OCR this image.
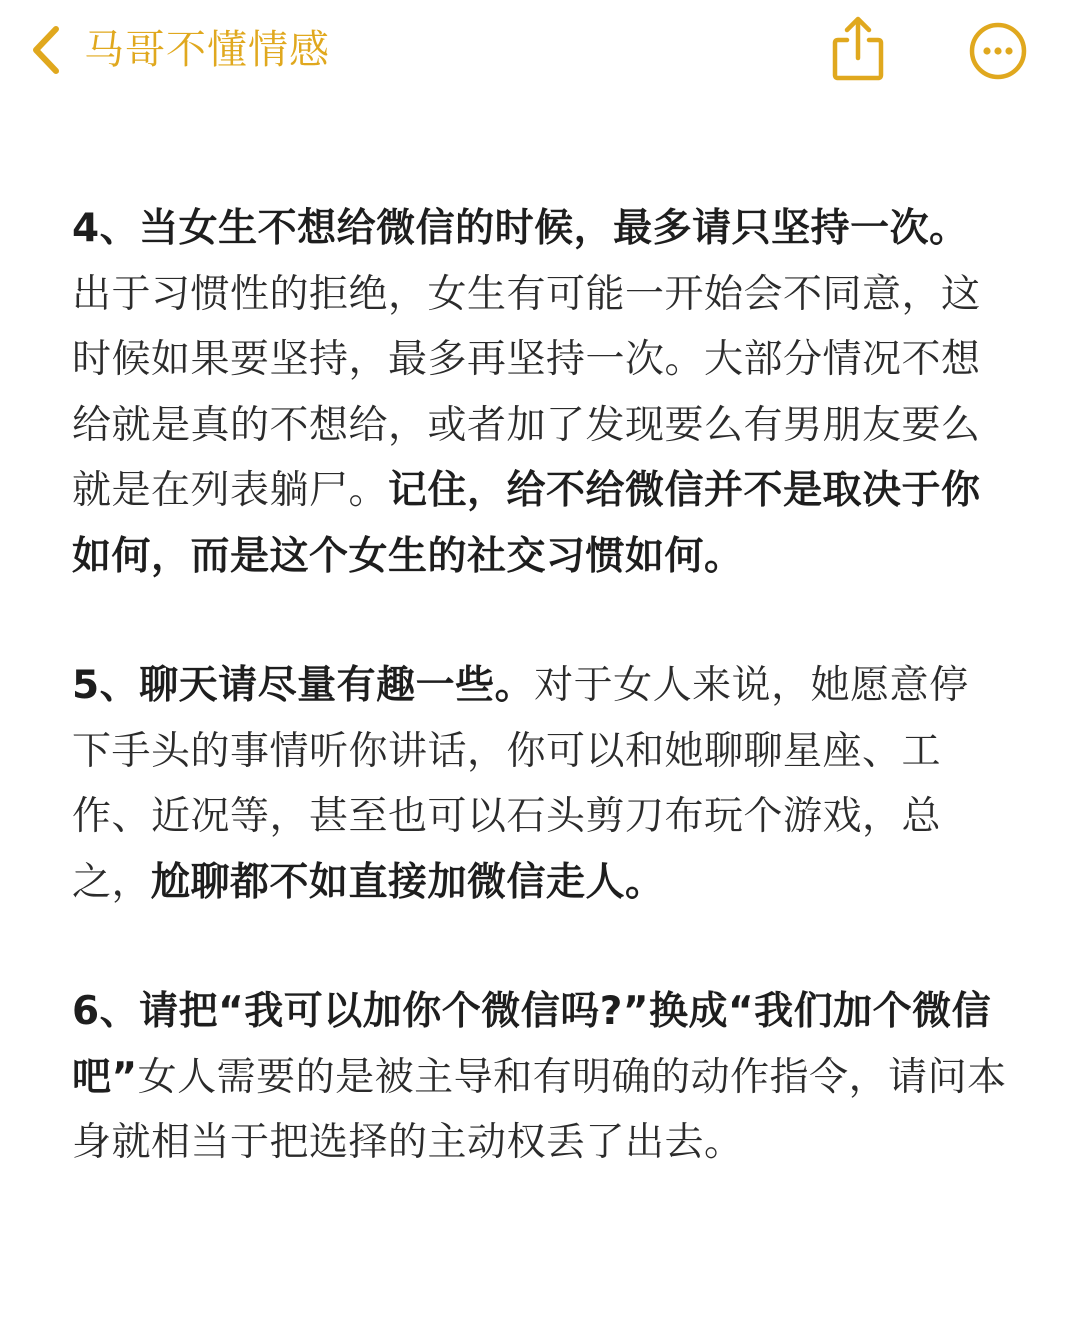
马哥不懂情感

4、当女生不想给微信的时候，最多请只坚持一次。出于习惯性的拒绝，女生有可能一开始会不同意，这时候如果要坚持，最多再坚持一次。大部分情况不想给就是真的不想给，或者加了发现要么有男朋友要么就是在列表躺尸。记住，给不给微信并不是取决于你如何，而是这个女生的社交习惯如何。

5、聊天请尽量有趣一些。对于女人来说，她愿意停下手头的事情听你讲话，你可以和她聊聊星座、工作、近况等，甚至也可以石头剪刀布玩个游戏，总之，尬聊都不如直接加微信走人。

6、请把“我可以加你个微信吗?”换成“我们加个微信吧”女人需要的是被主导和有明确的动作指令，请问本身就相当于把选择的主动权丢了出去。
